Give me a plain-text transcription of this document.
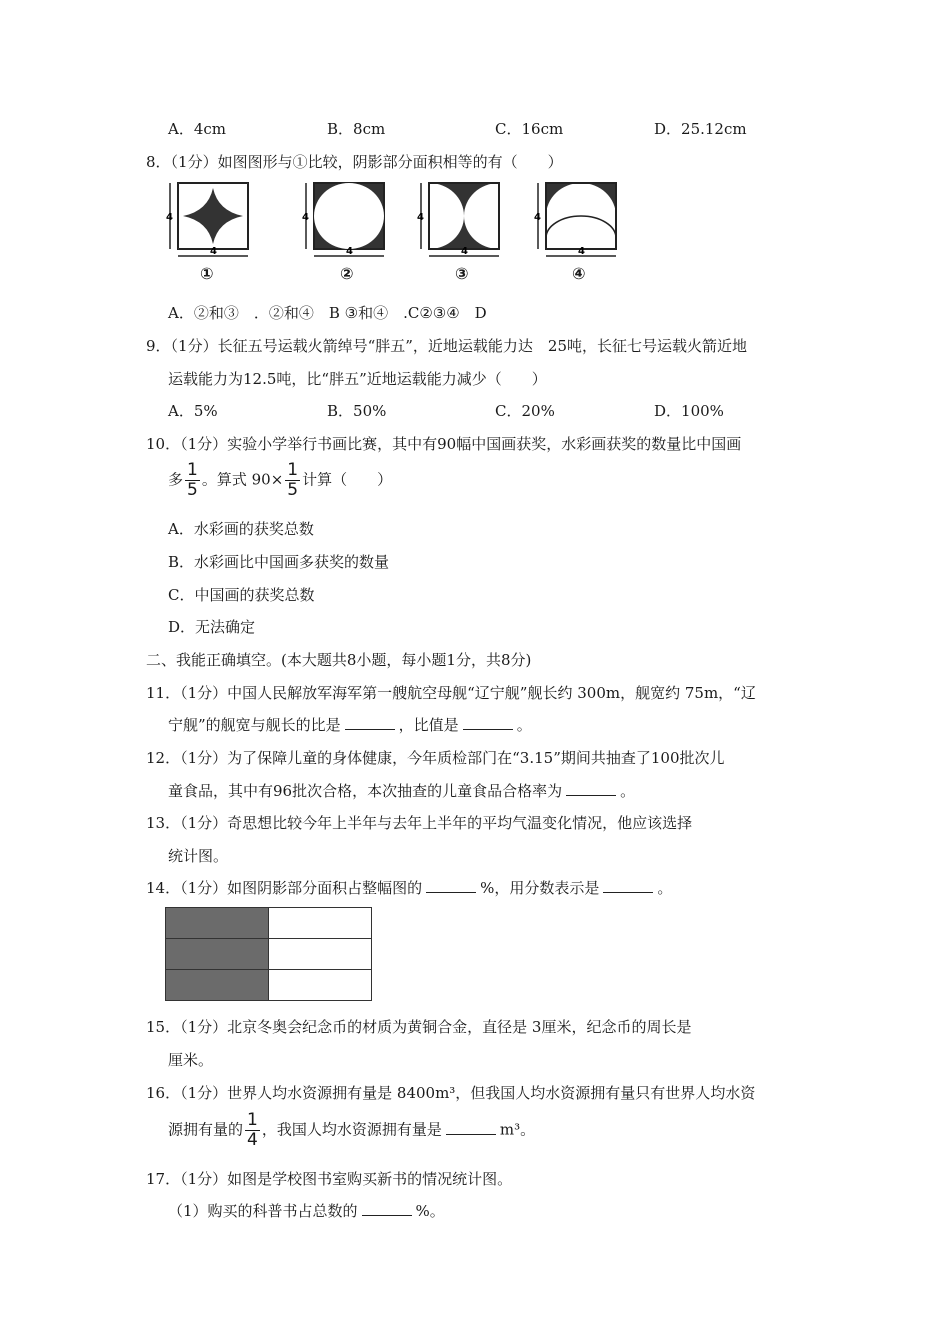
A．4cm	B．8cm	C．16cm	D．25.12cm
8．（1分）如图图形与①比较，阴影部分面积相等的有（　　）
4
4
①
4
4
②
4
4
③
4
4
④
A．②和③　．②和④　B ③和④　.C②③④　D
9．（1分）长征五号运载火箭绰号“胖五”，近地运载能力达　25吨，长征七号运载火箭近地
运载能力为12.5吨，比“胖五”近地运载能力减少（　　）
A．5%	B．50%	C．20%	D．100%
10．（1分）实验小学举行书画比赛，其中有90幅中国画获奖，水彩画获奖的数量比中国画
多 $\frac{1}{5}$ 。算式 $90\times \frac{1}{5}$ 计算（　　）
A．水彩画的获奖总数
B．水彩画比中国画多获奖的数量
C．中国画的获奖总数
D．无法确定
二、我能正确填空。(本大题共8小题，每小题1分，共8分)
11．（1分）中国人民解放军海军第一艘航空母舰“辽宁舰”舰长约 300m，舰宽约 75m，“辽
宁舰”的舰宽与舰长的比是	，比值是	。
12．（1分）为了保障儿童的身体健康，今年质检部门在“3.15”期间共抽查了100批次儿
童食品，其中有96批次合格，本次抽查的儿童食品合格率为	。
13．（1分）奇思想比较今年上半年与去年上半年的平均气温变化情况，他应该选择
统计图。
14．（1分）如图阴影部分面积占整幅图的	%，用分数表示是	。
15．（1分）北京冬奥会纪念币的材质为黄铜合金，直径是 3厘米，纪念币的周长是
厘米。
16．（1分）世界人均水资源拥有量是 8400m³，但我国人均水资源拥有量只有世界人均水资
源拥有量的 $\frac{1}{4}$ ，我国人均水资源拥有量是	m³。
17．（1分）如图是学校图书室购买新书的情况统计图。
（1）购买的科普书占总数的	%。
